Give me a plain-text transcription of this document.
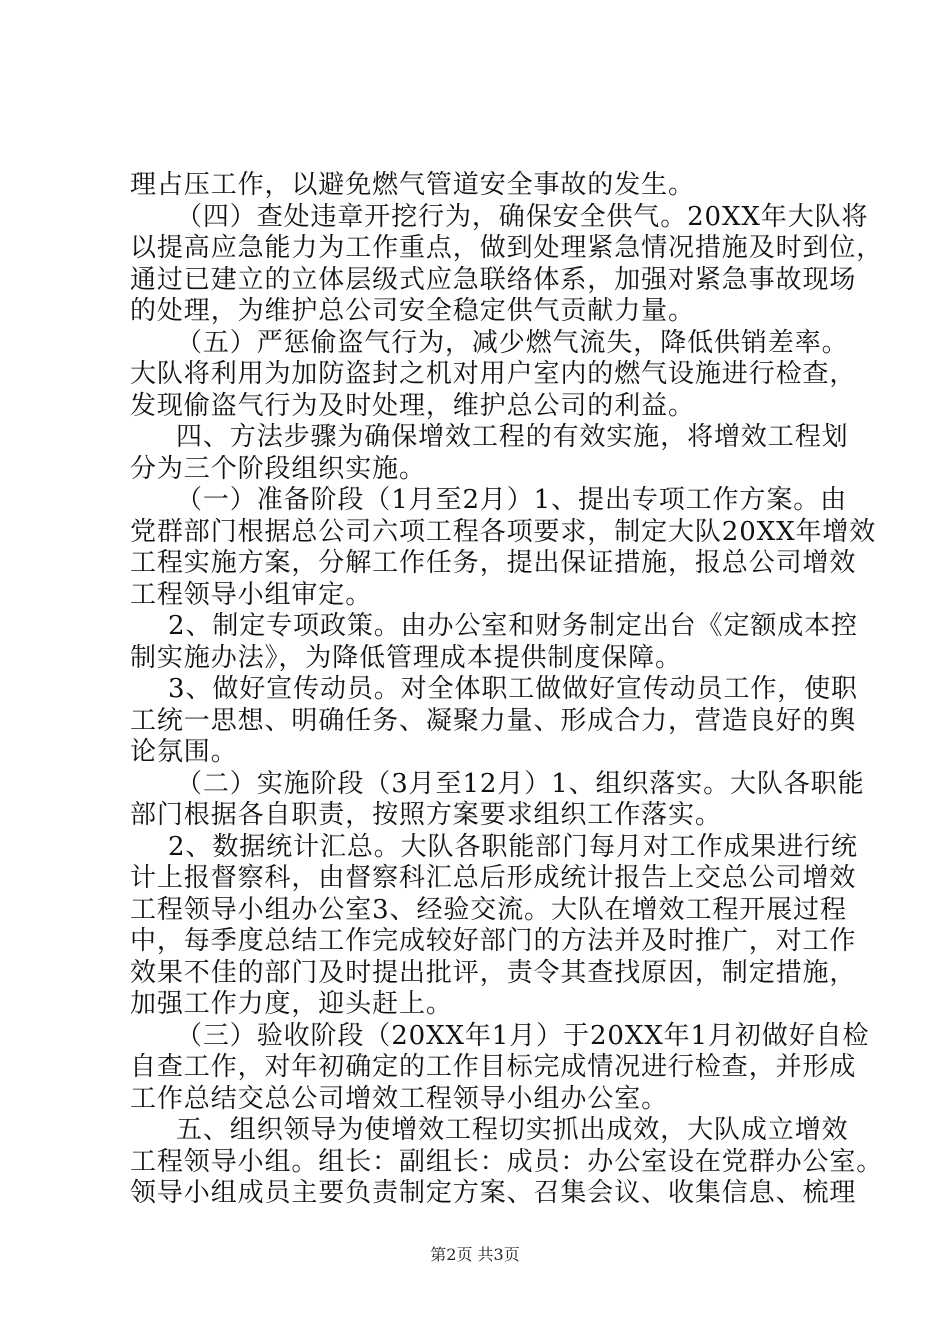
理占压工作，以避免燃气管道安全事故的发生。
（四）查处违章开挖行为，确保安全供气。20XX年大队将
以提高应急能力为工作重点，做到处理紧急情况措施及时到位，
通过已建立的立体层级式应急联络体系，加强对紧急事故现场
的处理，为维护总公司安全稳定供气贡献力量。
（五）严惩偷盗气行为，减少燃气流失，降低供销差率。
大队将利用为加防盗封之机对用户室内的燃气设施进行检查，
发现偷盗气行为及时处理，维护总公司的利益。
四、方法步骤为确保增效工程的有效实施，将增效工程划
分为三个阶段组织实施。
（一）准备阶段（1月至2月）1、提出专项工作方案。由
党群部门根据总公司六项工程各项要求，制定大队20XX年增效
工程实施方案，分解工作任务，提出保证措施，报总公司增效
工程领导小组审定。
2、制定专项政策。由办公室和财务制定出台《定额成本控
制实施办法》，为降低管理成本提供制度保障。
3、做好宣传动员。对全体职工做做好宣传动员工作，使职
工统一思想、明确任务、凝聚力量、形成合力，营造良好的舆
论氛围。
（二）实施阶段（3月至12月）1、组织落实。大队各职能
部门根据各自职责，按照方案要求组织工作落实。
2、数据统计汇总。大队各职能部门每月对工作成果进行统
计上报督察科，由督察科汇总后形成统计报告上交总公司增效
工程领导小组办公室3、经验交流。大队在增效工程开展过程
中，每季度总结工作完成较好部门的方法并及时推广，对工作
效果不佳的部门及时提出批评，责令其查找原因，制定措施，
加强工作力度，迎头赶上。
（三）验收阶段（20XX年1月）于20XX年1月初做好自检
自查工作，对年初确定的工作目标完成情况进行检查，并形成
工作总结交总公司增效工程领导小组办公室。
五、组织领导为使增效工程切实抓出成效，大队成立增效
工程领导小组。组长：副组长：成员：办公室设在党群办公室。
领导小组成员主要负责制定方案、召集会议、收集信息、梳理
第2页 共3页
